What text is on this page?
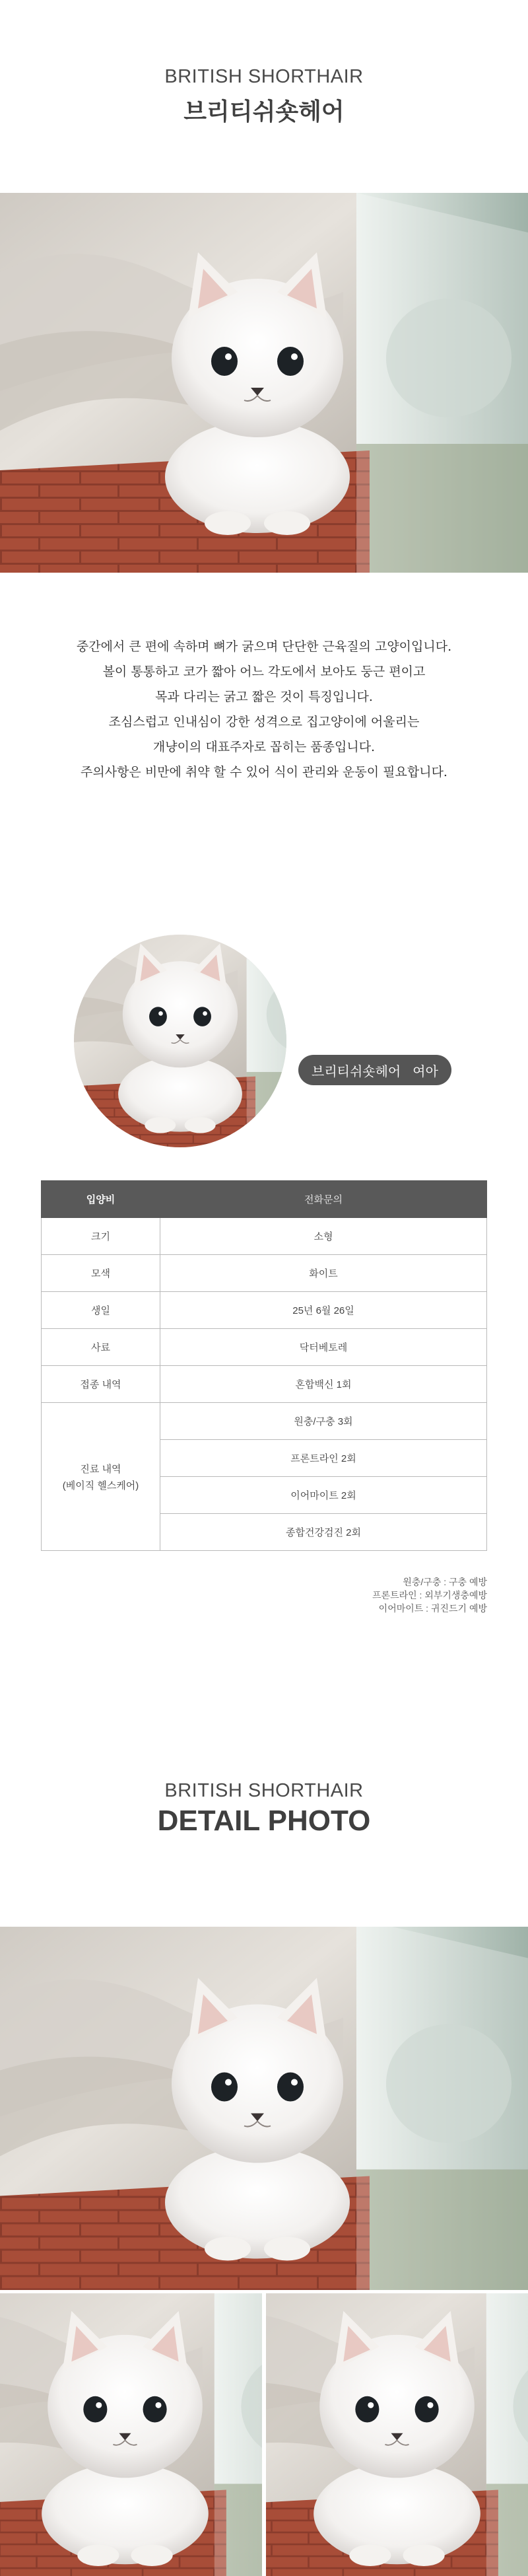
BRITISH SHORTHAIR
브리티쉬숏헤어

중간에서 큰 편에 속하며 뼈가 굵으며 단단한 근육질의 고양이입니다.

볼이 통통하고 코가 짧아 어느 각도에서 보아도 둥근 편이고

목과 다리는 굵고 짧은 것이 특징입니다.

조심스럽고 인내심이 강한 성격으로 집고양이에 어울리는

개냥이의 대표주자로 꼽히는 품종입니다.

주의사항은 비만에 취약 할 수 있어 식이 관리와 운동이 필요합니다.

브리티쉬숏헤어 여아
입양비	전화문의
크기	소형
모색	화이트
생일	25년 6월 26일
사료	닥터베토레
접종 내역	혼합백신 1회

진료 내역
(베이직 헬스케어)	원충/구충 3회
	프론트라인 2회
	이어마이트 2회
	종합건강검진 2회
원충/구충 : 구충 예방
프론트라인 : 외부기생충예방
이어마이트 : 귀진드기 예방
BRITISH SHORTHAIR
DETAIL PHOTO
